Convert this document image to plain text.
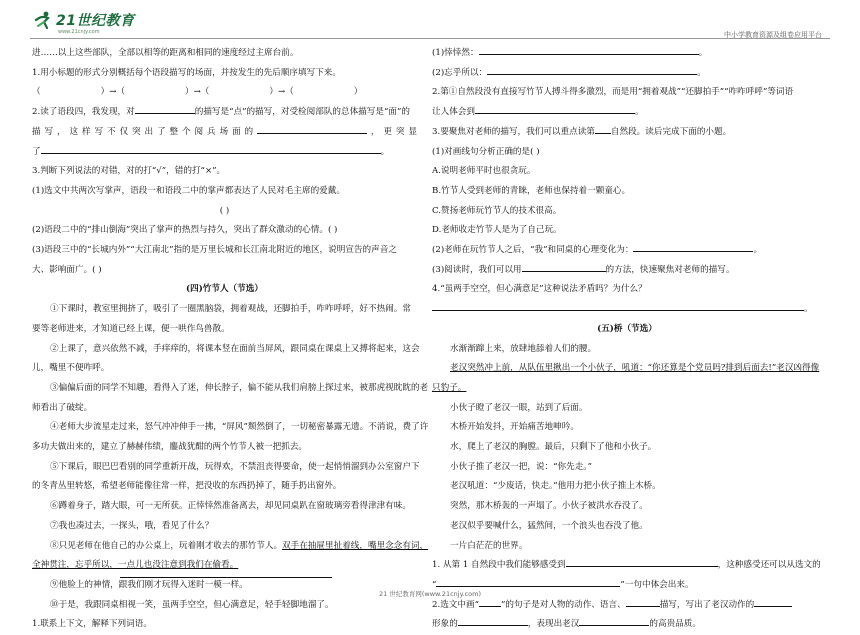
21世纪教育
www.21cnjy.com	中小学教育资源及组卷应用平台

进……以上这些部队，全部以相等的距离和相同的速度经过主席台前。

1.用小标题的形式分别概括每个语段描写的场面，并按发生的先后顺序填写下来。

（	）→（	）→（	）→（	）

2.读了语段四，我发现，对	的描写是“点”的描写，对受检阅部队的总体描写是“面”的

描写，这样写不仅突出了整个阅兵场面的	，更突显

了	。

3.判断下列说法的对错，对的打“√”，错的打“×”。

(1)选文中共两次写掌声，语段一和语段二中的掌声都表达了人民对毛主席的爱戴。

( )

(2)语段二中的“排山倒海”突出了掌声的热烈与持久，突出了群众激动的心情。( )

(3)语段三中的“长城内外”“大江南北”指的是万里长城和长江南北附近的地区，说明宣告的声音之

大、影响面广。( )

(四)竹节人（节选）

①下课时，教室里拥挤了，吸引了一圈黑脑袋，拥着观战，还脚拍手，咋咋呼呼，好不热闹。常

要等老师进来，才知道已经上课，便一哄作鸟兽散。

②上课了，意兴依然不减，手痒痒的，将课本竖在面前当屏风，跟同桌在课桌上又搏将起来，这会

儿，嘴里不便咋呼。

③偏偏后面的同学不知趣，看得入了迷，伸长脖子，偏不能从我们肩膀上探过来，被那虎视眈眈的老

师看出了破绽。

④老师大步流星走过来，怒气冲冲伸手一拂，“屏风”颓然倒了，一切秘密暴露无遗。不消说，费了许

多功夫做出来的，建立了赫赫伟绩，鏖战犹酣的两个竹节人被一把抓去。

⑤下课后，眼巴巴看别的同学重新开战，玩得欢，不禁沮丧得要命，使一起悄悄溜到办公室窗户下

的冬青丛里转悠，希望老师能像往常一样，把没收的东西扔掉了，随手扔出窗外。

⑥蹲着身子，踏大眼，可一无所获。正悻悻然准备离去，却见同桌趴在窗玻璃旁看得津津有味。

⑦我也凑过去，一探头，哦，看见了什么？

⑧只见老师在他自己的办公桌上，玩着刚才收去的那竹节人。双手在抽屉里扯着线，嘴里念念有词，

全神贯注，忘乎所以，一点儿也没注意到我们在偷看。

⑨他脸上的神情，跟我们刚才玩得入迷时一模一样。

⑩于是，我跟同桌相视一笑，虽两手空空，但心满意足，轻手轻脚地溜了。

1.联系上下文，解释下列词语。

(1)悻悻然：	。

(2)忘乎所以：	。

2.第①自然段没有直接写竹节人搏斗得多激烈，而是用“拥着观战”“还脚拍手”“咋咋呼呼”等词语

让人体会到	。

3.要聚焦对老师的描写，我们可以重点读第 自然段。读后完成下面的小题。

(1)对画线句分析正确的是( )

A.说明老师平时也很贪玩。

B.竹节人受到老师的青睐，老师也保持着一颗童心。

C.赞扬老师玩竹节人的技术很高。

D.老师收走竹节人是为了自己玩。

(2)老师在玩竹节人之后，“我”和同桌的心理变化为：	。

(3)阅读时，我们可以用	的方法，快速聚焦对老师的描写。

4.“虽两手空空，但心满意足”这种说法矛盾吗？为什么？

。

(五)桥（节选）

水渐渐蹿上来，放肆地舔着人们的腰。

老汉突然冲上前，从队伍里揪出一个小伙子，吼道：“你还算是个党员吗?排到后面去!”老汉凶得像

只豹子。

小伙子瞪了老汉一眼，站到了后面。

木桥开始发抖，开始痛苦地呻吟。

水，爬上了老汉的胸膛。最后，只剩下了他和小伙子。

小伙子推了老汉一把，说：“你先走。”

老汉吼道：“少废话，快走。”他用力把小伙子推上木桥。

突然，那木桥轰的一声塌了。小伙子被洪水吞没了。

老汉似乎要喊什么，猛然间，一个浪头也吞没了他。

一片白茫茫的世界。

1. 从第 1 自然段中我们能够感受到	，这种感受还可以从选文的

“	”一句中体会出来。

2.选文中画“	”的句子是对人物的动作、语言、	描写，写出了老汉动作的

形象的	，表现出老汉	的高贵品质。

21 世纪教育网(www.21cnjy.com)
